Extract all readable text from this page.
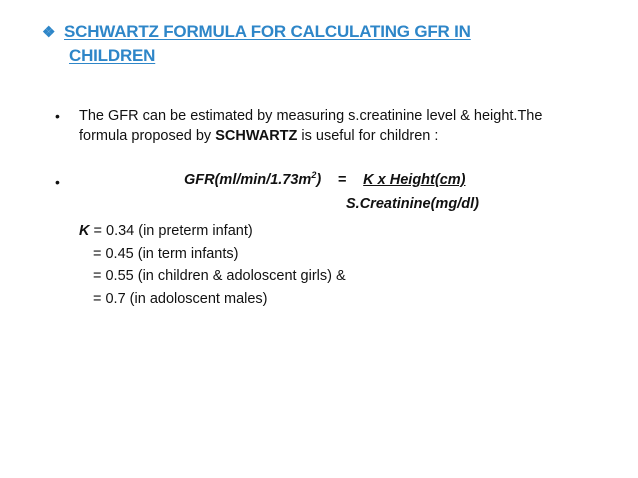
❖ SCHWARTZ FORMULA FOR CALCULATING GFR IN
CHILDREN
•	The GFR can be estimated by measuring s.creatinine level & height.The formula proposed by SCHWARTZ is useful for children :
•	$GFR(ml/\min/1.73m^2) = K$ x Height(cm)
S.Creatinine(mg/dl)
K = 0.34 (in preterm infant)
= 0.45 (in term infants)
= 0.55 (in children & adoloscent girls) &
= 0.7 (in adoloscent males)
